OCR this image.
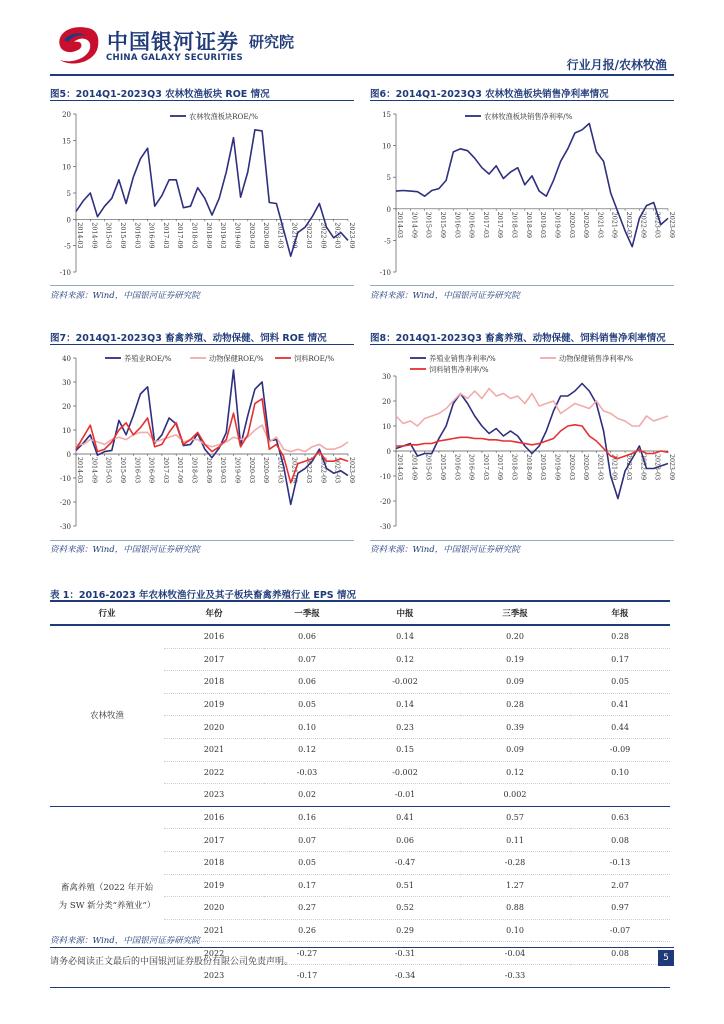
中国银河证券 研究院
CHINA GALAXY SECURITIES	行业月报/农林牧渔
图5：2014Q1-2023Q3 农林牧渔板块 ROE 情况
-10
-5
0
5
10
15
20
2014-03 2014-09 2015-03 2015-09 2016-03 2016-09 2017-03 2017-09 2018-03 2018-09 2019-03 2019-09 2020-03 2020-09 2021-03 2021-09 2022-03 2022-09 2023-03 2023-09
农林牧渔板块ROE/%
资料来源：Wind，中国银河证券研究院
图6：2014Q1-2023Q3 农林牧渔板块销售净利率情况
-10
-5
0
5
10
15
2014-03 2014-09 2015-03 2015-09 2016-03 2016-09 2017-03 2017-09 2018-03 2018-09 2019-03 2019-09 2020-03 2020-09 2021-03 2021-09 2022-03 2022-09 2023-03 2023-09
农林牧渔板块销售净利率/%
资料来源：Wind，中国银河证券研究院
图7：2014Q1-2023Q3 畜禽养殖、动物保健、饲料 ROE 情况
-30
-20
-10
0
10
20
30
40
2014-03 2014-09 2015-03 2015-09 2016-03 2016-09 2017-03 2017-09 2018-03 2018-09 2019-03 2019-09 2020-03 2020-09 2021-03 2021-09 2022-03 2022-09 2023-03 2023-09
养殖业ROE/%	动物保健ROE/%	饲料ROE/%
资料来源：Wind，中国银河证券研究院
图8：2014Q1-2023Q3 畜禽养殖、动物保健、饲料销售净利率情况
-30
-20
-10
0
10
20
30
2014-03 2014-09 2015-03 2015-09 2016-03 2016-09 2017-03 2017-09 2018-03 2018-09 2019-03 2019-09 2020-03 2020-09 2021-03 2021-09 2022-03 2022-09 2023-03 2023-09
养殖业销售净利率/%	动物保健销售净利率/%
饲料销售净利率/%
资料来源：Wind，中国银河证券研究院
表 1：2016-2023 年农林牧渔行业及其子板块畜禽养殖行业 EPS 情况
行业	年份	一季报	中报	三季报	年报
农林牧渔	2016	0.06	0.14	0.20	0.28
	2017	0.07	0.12	0.19	0.17
	2018	0.06	-0.002	0.09	0.05
	2019	0.05	0.14	0.28	0.41
	2020	0.10	0.23	0.39	0.44
	2021	0.12	0.15	0.09	-0.09
	2022	-0.03	-0.002	0.12	0.10
	2023	0.02	-0.01	0.002	
畜禽养殖（2022 年开始为 SW 新分类“养殖业”）	2016	0.16	0.41	0.57	0.63
	2017	0.07	0.06	0.11	0.08
	2018	0.05	-0.47	-0.28	-0.13
	2019	0.17	0.51	1.27	2.07
	2020	0.27	0.52	0.88	0.97
	2021	0.26	0.29	0.10	-0.07
	2022	-0.27	-0.31	-0.04	0.08
	2023	-0.17	-0.34	-0.33	
资料来源：Wind，中国银河证券研究院
请务必阅读正文最后的中国银河证券股份有限公司免责声明。	5
